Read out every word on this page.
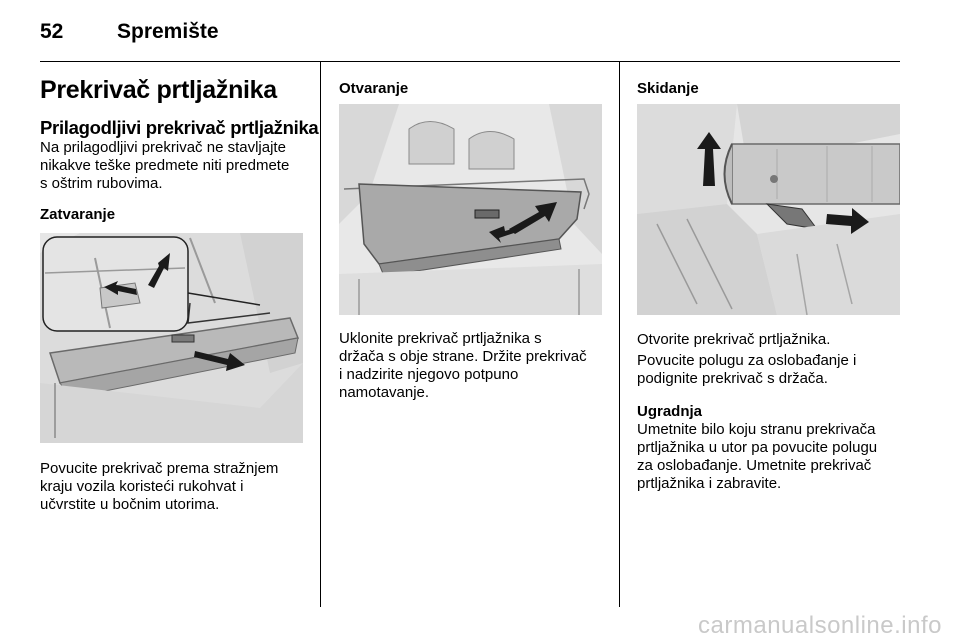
52	Spremište
Prekrivač prtljažnika
Prilagodljivi prekrivač prtljažnika
Na prilagodljivi prekrivač ne stavljajte
nikakve teške predmete niti predmete
s oštrim rubovima.
Zatvaranje
Povucite prekrivač prema stražnjem
kraju vozila koristeći rukohvat i
učvrstite u bočnim utorima.
Otvaranje
Uklonite prekrivač prtljažnika s
držača s obje strane. Držite prekrivač
i nadzirite njegovo potpuno
namotavanje.
Skidanje
Otvorite prekrivač prtljažnika.
Povucite polugu za oslobađanje i
podignite prekrivač s držača.
Ugradnja
Umetnite bilo koju stranu prekrivača
prtljažnika u utor pa povucite polugu
za oslobađanje. Umetnite prekrivač
prtljažnika i zabravite.
carmanualsonline.info
